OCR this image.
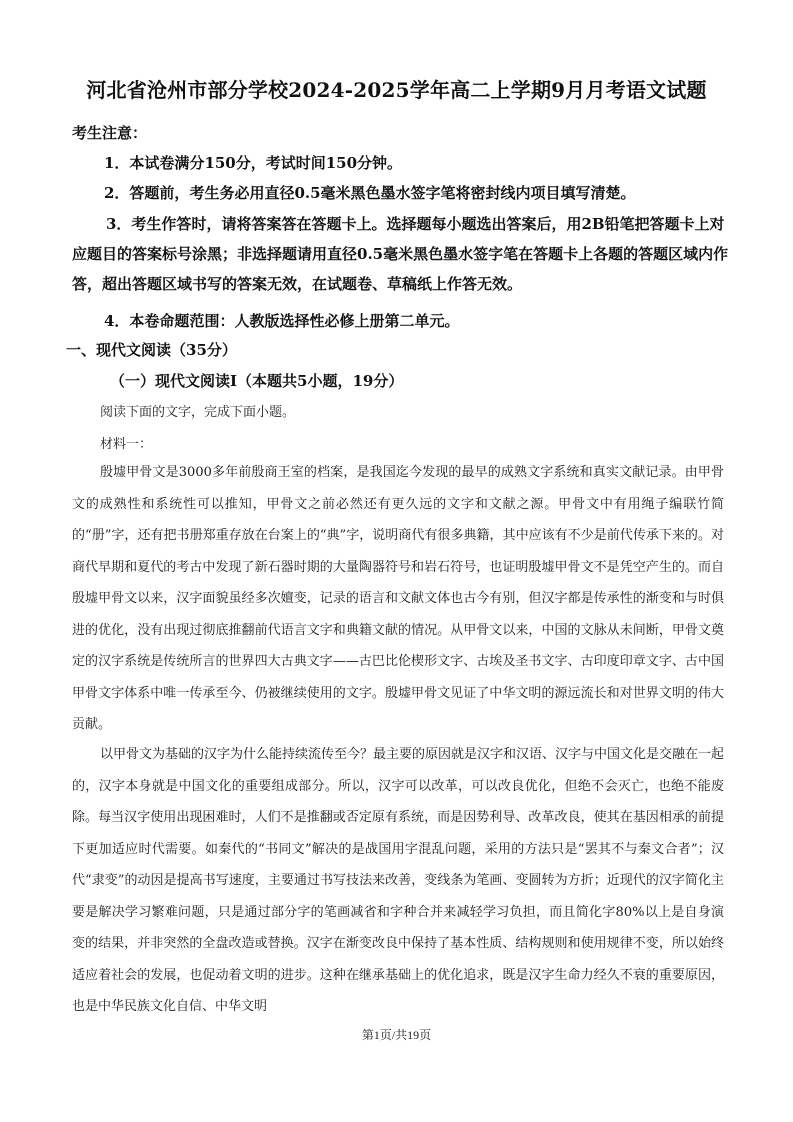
河北省沧州市部分学校2024-2025学年高二上学期9月月考语文试题
考生注意：
1．本试卷满分150分，考试时间150分钟。
2．答题前，考生务必用直径0.5毫米黑色墨水签字笔将密封线内项目填写清楚。
3．考生作答时，请将答案答在答题卡上。选择题每小题选出答案后，用2B铅笔把答题卡上对应题目的答案标号涂黑；非选择题请用直径0.5毫米黑色墨水签字笔在答题卡上各题的答题区域内作答，超出答题区域书写的答案无效，在试题卷、草稿纸上作答无效。
4．本卷命题范围：人教版选择性必修上册第二单元。
一、现代文阅读（35分）
（一）现代文阅读Ⅰ（本题共5小题，19分）
阅读下面的文字，完成下面小题。
材料一：
殷墟甲骨文是3000多年前殷商王室的档案，是我国迄今发现的最早的成熟文字系统和真实文献记录。由甲骨文的成熟性和系统性可以推知，甲骨文之前必然还有更久远的文字和文献之源。甲骨文中有用绳子编联竹简的“册”字，还有把书册郑重存放在台案上的“典”字，说明商代有很多典籍，其中应该有不少是前代传承下来的。对商代早期和夏代的考古中发现了新石器时期的大量陶器符号和岩石符号，也证明殷墟甲骨文不是凭空产生的。而自殷墟甲骨文以来，汉字面貌虽经多次嬗变，记录的语言和文献文体也古今有别，但汉字都是传承性的渐变和与时俱进的优化，没有出现过彻底推翻前代语言文字和典籍文献的情况。从甲骨文以来，中国的文脉从未间断，甲骨文奠定的汉字系统是传统所言的世界四大古典文字——古巴比伦楔形文字、古埃及圣书文字、古印度印章文字、古中国甲骨文字体系中唯一传承至今、仍被继续使用的文字。殷墟甲骨文见证了中华文明的源远流长和对世界文明的伟大贡献。
以甲骨文为基础的汉字为什么能持续流传至今？最主要的原因就是汉字和汉语、汉字与中国文化是交融在一起的，汉字本身就是中国文化的重要组成部分。所以，汉字可以改革，可以改良优化，但绝不会灭亡，也绝不能废除。每当汉字使用出现困难时，人们不是推翻或否定原有系统，而是因势利导、改革改良，使其在基因相承的前提下更加适应时代需要。如秦代的“书同文”解决的是战国用字混乱问题，采用的方法只是“罢其不与秦文合者”；汉代“隶变”的动因是提高书写速度，主要通过书写技法来改善，变线条为笔画、变圆转为方折；近现代的汉字简化主要是解决学习繁难问题，只是通过部分字的笔画减省和字种合并来减轻学习负担，而且简化字80%以上是自身演变的结果，并非突然的全盘改造或替换。汉字在渐变改良中保持了基本性质、结构规则和使用规律不变，所以始终适应着社会的发展，也促动着文明的进步。这种在继承基础上的优化追求，既是汉字生命力经久不衰的重要原因，也是中华民族文化自信、中华文明
第1页/共19页
